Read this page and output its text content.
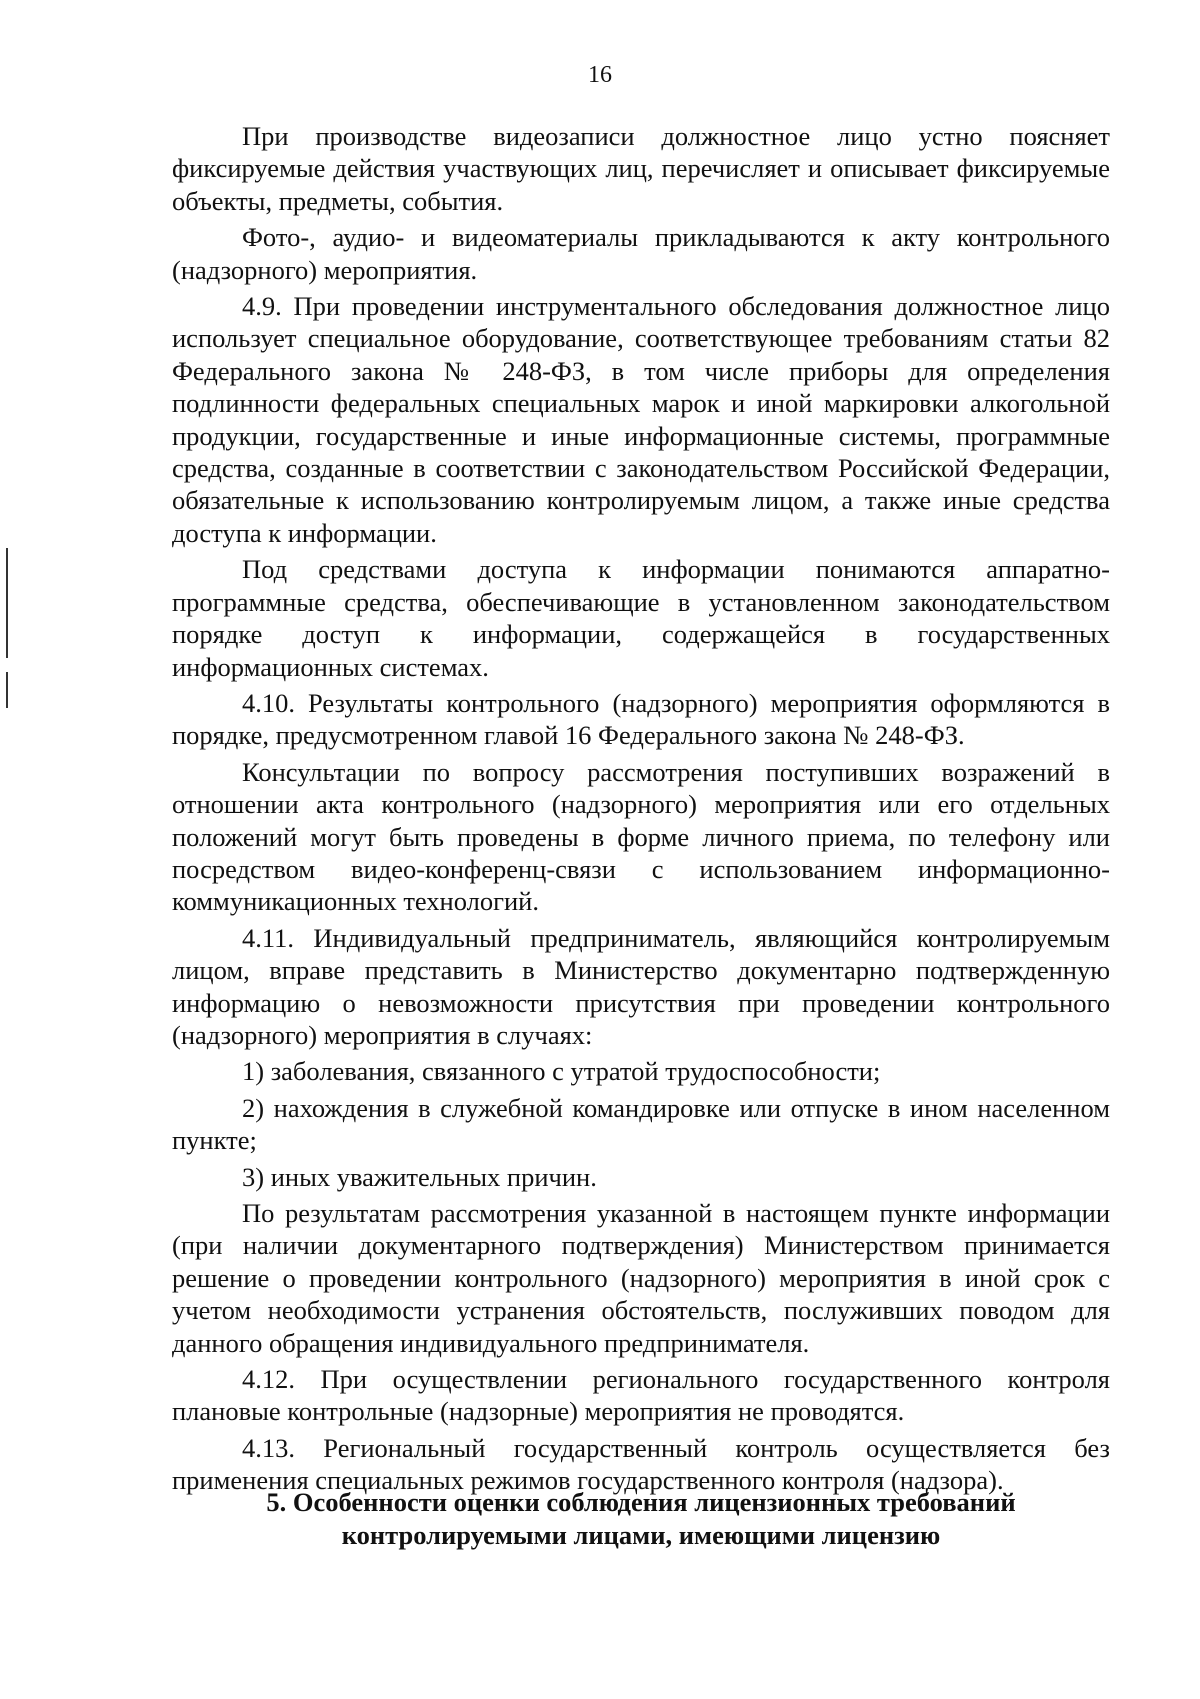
16

При производстве видеозаписи должностное лицо устно поясняет фиксируемые действия участвующих лиц, перечисляет и описывает фиксируемые объекты, предметы, события.

Фото-, аудио- и видеоматериалы прикладываются к акту контрольного (надзорного) мероприятия.

4.9. При проведении инструментального обследования должностное лицо использует специальное оборудование, соответствующее требованиям статьи 82 Федерального закона № 248-ФЗ, в том числе приборы для определения подлинности федеральных специальных марок и иной маркировки алкогольной продукции, государственные и иные информационные системы, программные средства, созданные в соответствии с законодательством Российской Федерации, обязательные к использованию контролируемым лицом, а также иные средства доступа к информации.

Под средствами доступа к информации понимаются аппаратно-программные средства, обеспечивающие в установленном законодательством порядке доступ к информации, содержащейся в государственных информационных системах.

4.10. Результаты контрольного (надзорного) мероприятия оформляются в порядке, предусмотренном главой 16 Федерального закона № 248-ФЗ.

Консультации по вопросу рассмотрения поступивших возражений в отношении акта контрольного (надзорного) мероприятия или его отдельных положений могут быть проведены в форме личного приема, по телефону или посредством видео-конференц-связи с использованием информационно-коммуникационных технологий.

4.11. Индивидуальный предприниматель, являющийся контролируемым лицом, вправе представить в Министерство документарно подтвержденную информацию о невозможности присутствия при проведении контрольного (надзорного) мероприятия в случаях:

1) заболевания, связанного с утратой трудоспособности;

2) нахождения в служебной командировке или отпуске в ином населенном пункте;

3) иных уважительных причин.

По результатам рассмотрения указанной в настоящем пункте информации (при наличии документарного подтверждения) Министерством принимается решение о проведении контрольного (надзорного) мероприятия в иной срок с учетом необходимости устранения обстоятельств, послуживших поводом для данного обращения индивидуального предпринимателя.

4.12. При осуществлении регионального государственного контроля плановые контрольные (надзорные) мероприятия не проводятся.

4.13. Региональный государственный контроль осуществляется без применения специальных режимов государственного контроля (надзора).

5. Особенности оценки соблюдения лицензионных требований
контролируемыми лицами, имеющими лицензию
